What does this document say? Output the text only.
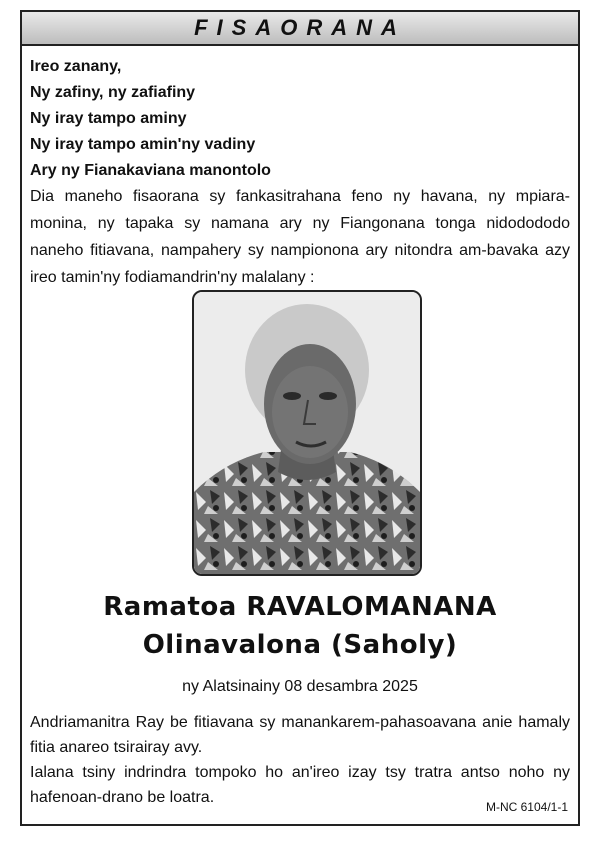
FISAORANA
Ireo zanany,
Ny zafiny, ny zafiafiny
Ny iray tampo aminy
Ny iray tampo amin'ny vadiny
Ary ny Fianakaviana manontolo
Dia maneho fisaorana sy fankasitrahana feno ny havana, ny mpiara-monina, ny tapaka sy namana ary ny Fiangonana tonga nidodododo naneho fitiavana, nampahery sy nampionona ary nitondra am-bavaka azy ireo tamin'ny fodiamandrin'ny malalany :
Ramatoa RAVALOMANANA
Olinavalona (Saholy)
ny Alatsinainy 08 desambra 2025

Andriamanitra Ray be fitiavana sy manankarem-pahasoavana anie hamaly fitia anareo tsirairay avy.

Ialana tsiny indrindra tompoko ho an'ireo izay tsy tratra antso noho ny hafenoan-drano be loatra.

M-NC 6104/1-1
